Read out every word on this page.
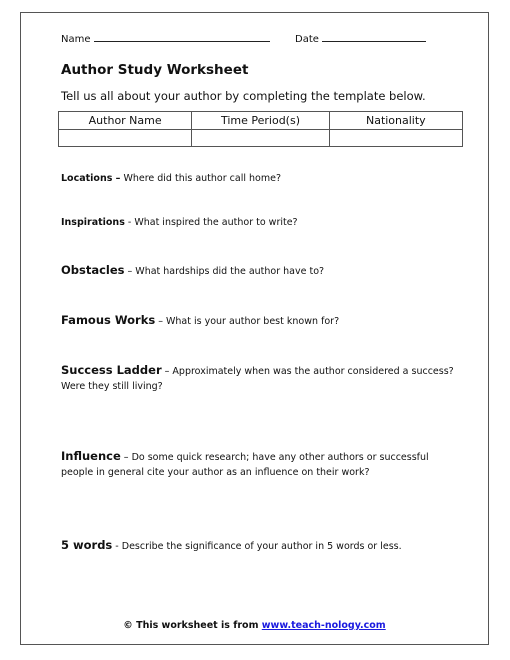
Name	Date
Author Study Worksheet
Tell us all about your author by completing the template below.
Author Name	Time Period(s)	Nationality

Locations – Where did this author call home?
Inspirations - What inspired the author to write?
Obstacles – What hardships did the author have to?
Famous Works – What is your author best known for?
Success Ladder – Approximately when was the author considered a success? Were they still living?
Influence – Do some quick research; have any other authors or successful people in general cite your author as an influence on their work?
5 words - Describe the significance of your author in 5 words or less.
© This worksheet is from www.teach-nology.com
